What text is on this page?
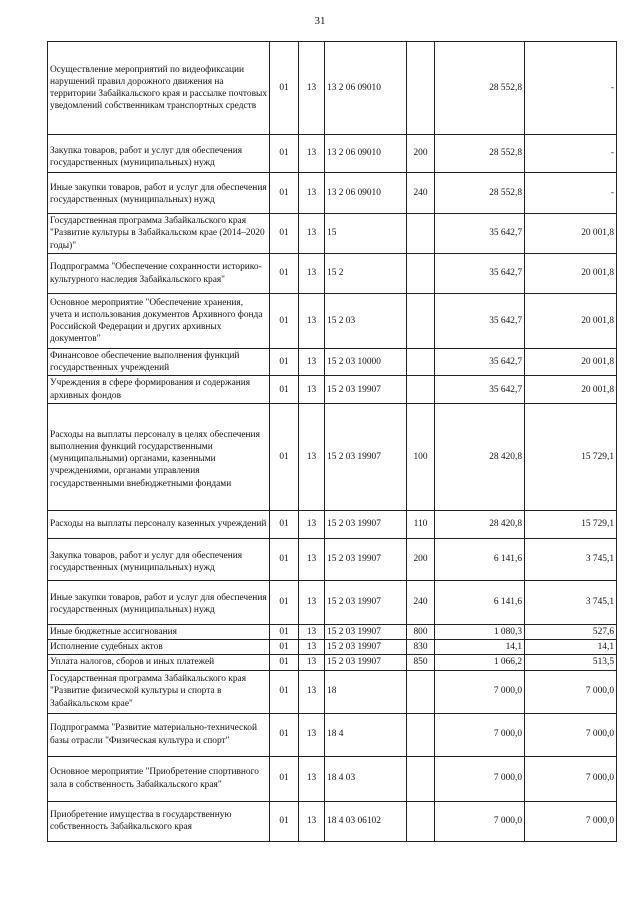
31
Осуществление мероприятий по видеофиксации нарушений правил дорожного движения на территории Забайкальского края и рассылке почтовых уведомлений собственникам транспортных средств	01	13	13 2 06 09010		28 552,8	-
Закупка товаров, работ и услуг для обеспечения государственных (муниципальных) нужд	01	13	13 2 06 09010	200	28 552,8	-
Иные закупки товаров, работ и услуг для обеспечения государственных (муниципальных) нужд	01	13	13 2 06 09010	240	28 552,8	-
Государственная программа Забайкальского края "Развитие культуры в Забайкальском крае (2014–2020 годы)"	01	13	15		35 642,7	20 001,8
Подпрограмма "Обеспечение сохранности историко-культурного наследия Забайкальского края"	01	13	15 2		35 642,7	20 001,8
Основное мероприятие "Обеспечение хранения, учета и использования документов Архивного фонда Российской Федерации и других архивных документов"	01	13	15 2 03		35 642,7	20 001,8
Финансовое обеспечение выполнения функций государственных учреждений	01	13	15 2 03 10000		35 642,7	20 001,8
Учреждения в сфере формирования и содержания архивных фондов	01	13	15 2 03 19907		35 642,7	20 001,8
Расходы на выплаты персоналу в целях обеспечения выполнения функций государственными (муниципальными) органами, казенными учреждениями, органами управления государственными внебюджетными фондами	01	13	15 2 03 19907	100	28 420,8	15 729,1
Расходы на выплаты персоналу казенных учреждений	01	13	15 2 03 19907	110	28 420,8	15 729,1
Закупка товаров, работ и услуг для обеспечения государственных (муниципальных) нужд	01	13	15 2 03 19907	200	6 141,6	3 745,1
Иные закупки товаров, работ и услуг для обеспечения государственных (муниципальных) нужд	01	13	15 2 03 19907	240	6 141,6	3 745,1
Иные бюджетные ассигнования	01	13	15 2 03 19907	800	1 080,3	527,6
Исполнение судебных актов	01	13	15 2 03 19907	830	14,1	14,1
Уплата налогов, сборов и иных платежей	01	13	15 2 03 19907	850	1 066,2	513,5
Государственная программа Забайкальского края "Развитие физической культуры и спорта в Забайкальском крае"	01	13	18		7 000,0	7 000,0
Подпрограмма "Развитие материально-технической базы отрасли "Физическая культура и спорт"	01	13	18 4		7 000,0	7 000,0
Основное мероприятие "Приобретение спортивного зала в собственность Забайкальского края"	01	13	18 4 03		7 000,0	7 000,0
Приобретение имущества в государственную собственность Забайкальского края	01	13	18 4 03 06102		7 000,0	7 000,0
